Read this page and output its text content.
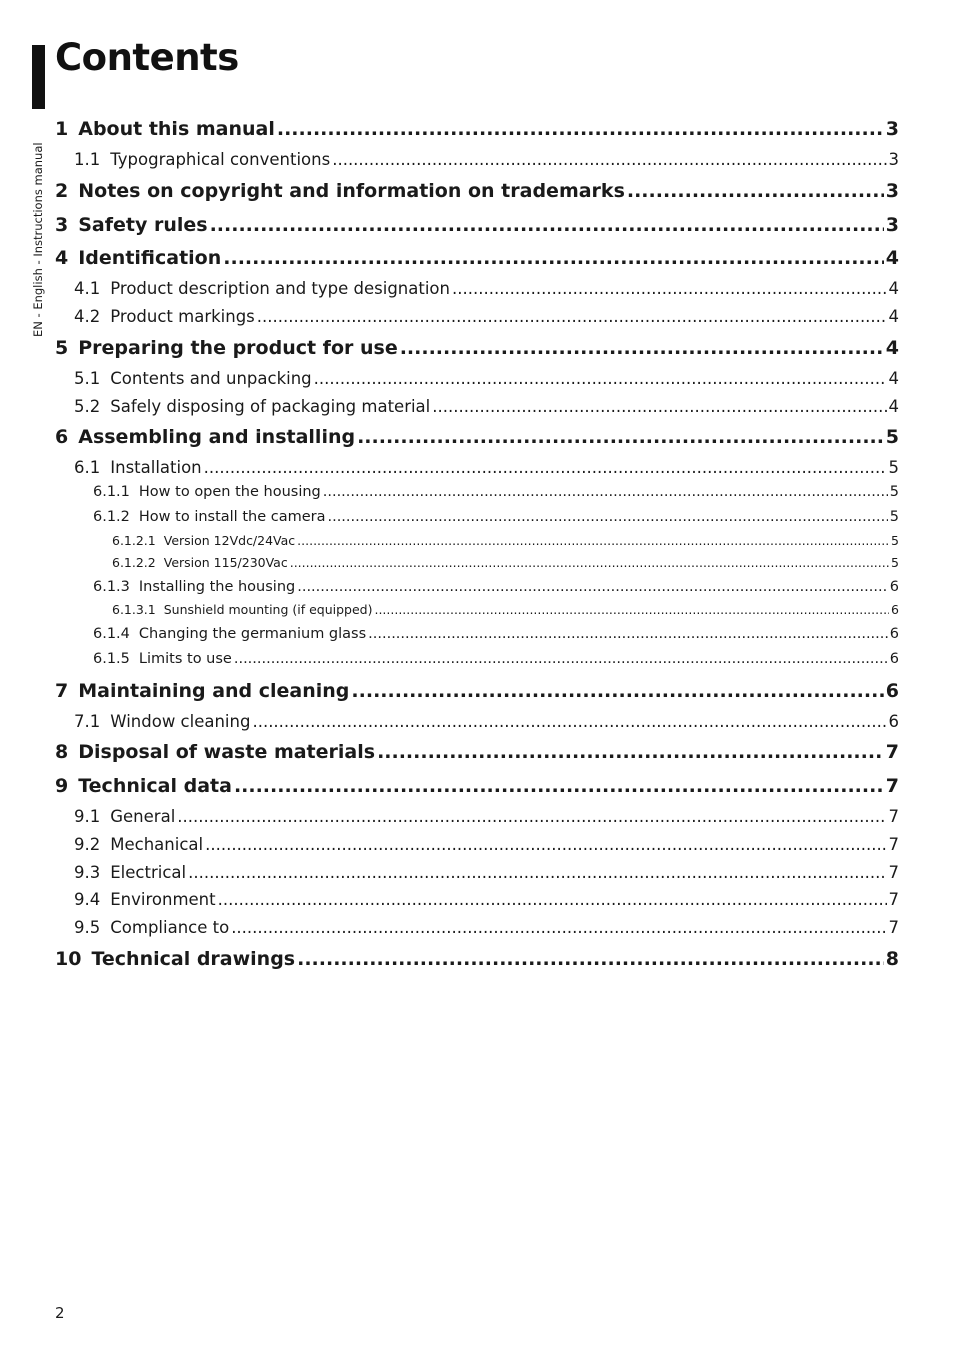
EN - English - Instructions manual
Contents
1 About this manual .....	3
1.1 Typographical conventions .....	3
2 Notes on copyright and information on trademarks .....	3
3 Safety rules .....	3
4 Identification .....	4
4.1 Product description and type designation .....	4
4.2 Product markings .....	4
5 Preparing the product for use .....	4
5.1 Contents and unpacking .....	4
5.2 Safely disposing of packaging material .....	4
6 Assembling and installing .....	5
6.1 Installation .....	5
6.1.1 How to open the housing .....	5
6.1.2 How to install the camera .....	5
6.1.2.1 Version 12Vdc/24Vac .....	5
6.1.2.2 Version 115/230Vac .....	5
6.1.3 Installing the housing .....	6
6.1.3.1 Sunshield mounting (if equipped) .....	6
6.1.4 Changing the germanium glass .....	6
6.1.5 Limits to use .....	6
7 Maintaining and cleaning .....	6
7.1 Window cleaning .....	6
8 Disposal of waste materials .....	7
9 Technical data .....	7
9.1 General .....	7
9.2 Mechanical .....	7
9.3 Electrical .....	7
9.4 Environment .....	7
9.5 Compliance to .....	7
10 Technical drawings .....	8
2
